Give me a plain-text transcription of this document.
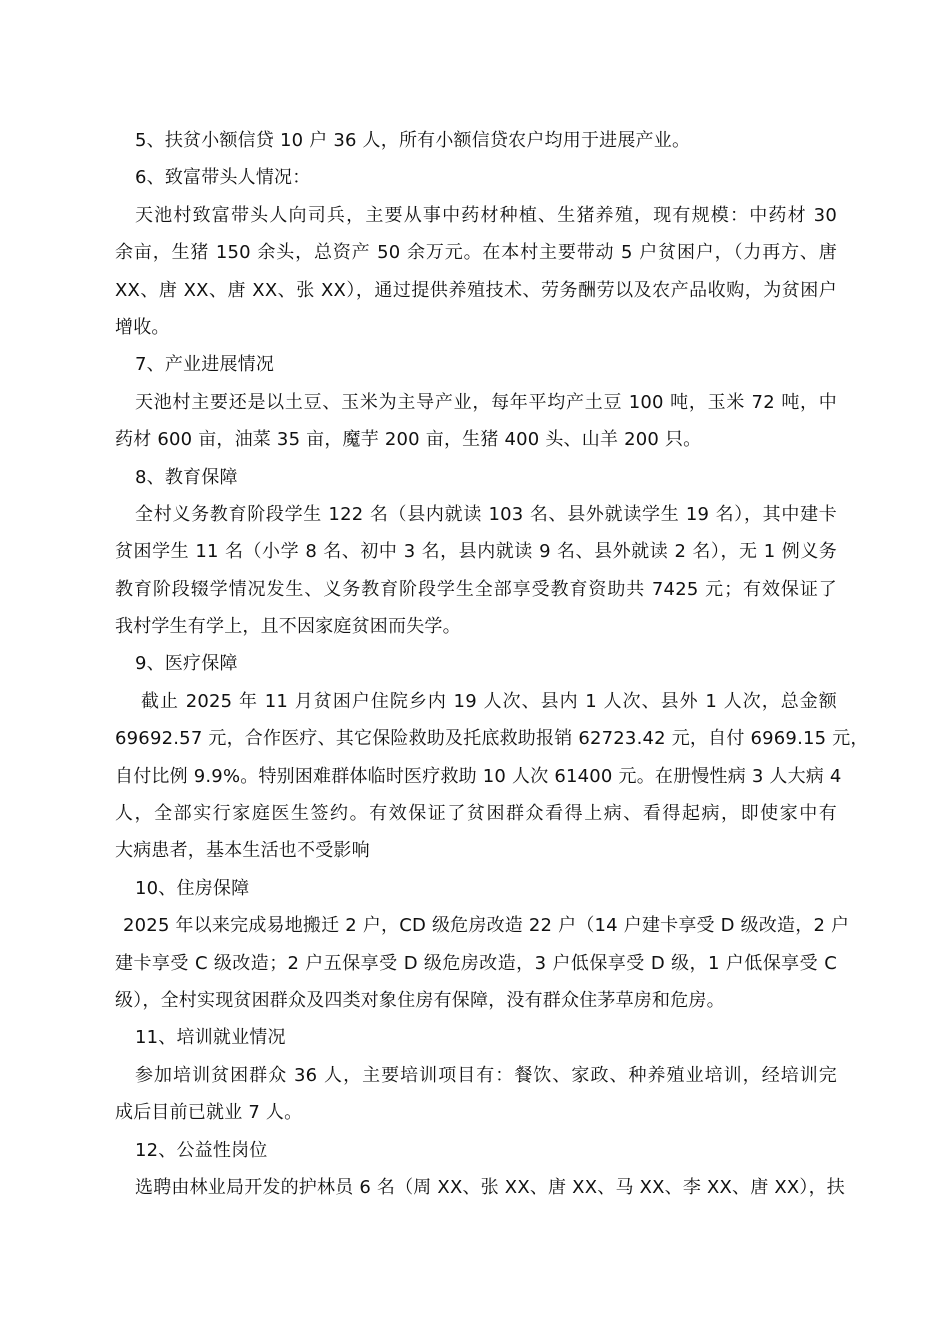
5、扶贫小额信贷 10 户 36 人，所有小额信贷农户均用于进展产业。
6、致富带头人情况：
天池村致富带头人向司兵，主要从事中药材种植、生猪养殖，现有规模：中药材 30
余亩，生猪 150 余头，总资产 50 余万元。在本村主要带动 5 户贫困户，（力再方、唐
XX、唐 XX、唐 XX、张 XX），通过提供养殖技术、劳务酬劳以及农产品收购，为贫困户
增收。
7、产业进展情况
天池村主要还是以土豆、玉米为主导产业，每年平均产土豆 100 吨，玉米 72 吨，中
药材 600 亩，油菜 35 亩，魔芋 200 亩，生猪 400 头、山羊 200 只。
8、教育保障
全村义务教育阶段学生 122 名（县内就读 103 名、县外就读学生 19 名），其中建卡
贫困学生 11 名（小学 8 名、初中 3 名，县内就读 9 名、县外就读 2 名），无 1 例义务
教育阶段辍学情况发生、义务教育阶段学生全部享受教育资助共 7425 元；有效保证了
我村学生有学上，且不因家庭贫困而失学。
9、医疗保障
截止 2025 年 11 月贫困户住院乡内 19 人次、县内 1 人次、县外 1 人次，总金额
69692.57 元，合作医疗、其它保险救助及托底救助报销 62723.42 元，自付 6969.15 元，
自付比例 9.9%。特别困难群体临时医疗救助 10 人次 61400 元。在册慢性病 3 人大病 4
人，全部实行家庭医生签约。有效保证了贫困群众看得上病、看得起病，即使家中有
大病患者，基本生活也不受影响
10、住房保障
2025 年以来完成易地搬迁 2 户，CD 级危房改造 22 户（14 户建卡享受 D 级改造，2 户
建卡享受 C 级改造；2 户五保享受 D 级危房改造，3 户低保享受 D 级，1 户低保享受 C
级），全村实现贫困群众及四类对象住房有保障，没有群众住茅草房和危房。
11、培训就业情况
参加培训贫困群众 36 人，主要培训项目有：餐饮、家政、种养殖业培训，经培训完
成后目前已就业 7 人。
12、公益性岗位
选聘由林业局开发的护林员 6 名（周 XX、张 XX、唐 XX、马 XX、李 XX、唐 XX），扶
